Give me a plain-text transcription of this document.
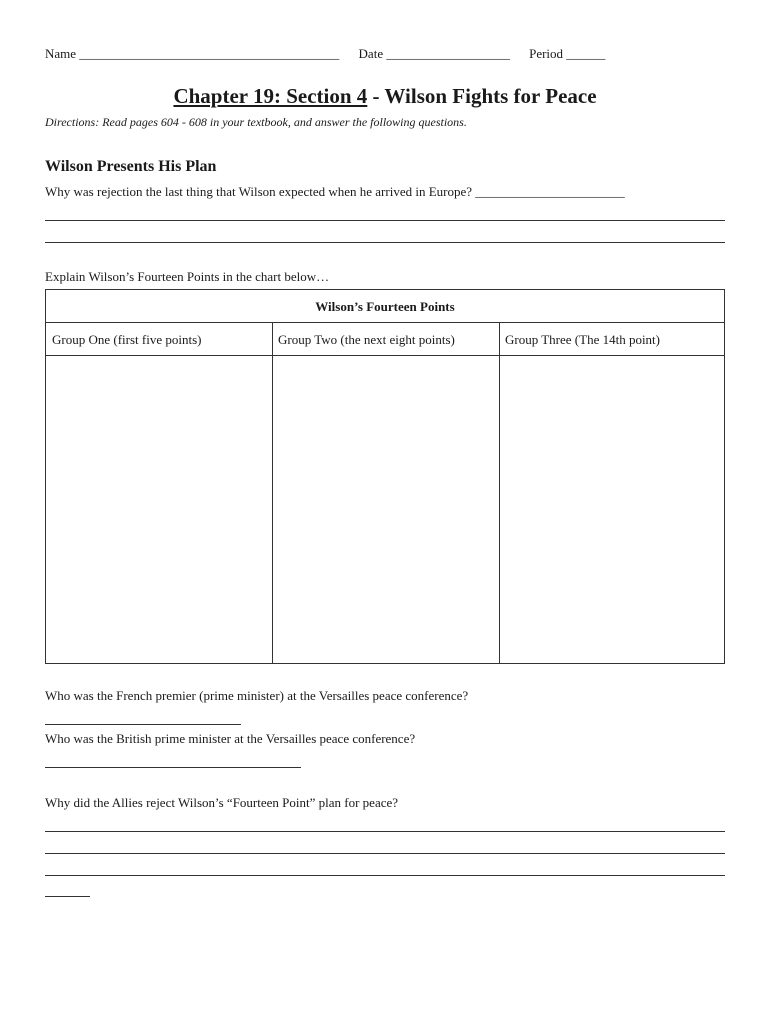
Name ________________________________________ Date ___________________ Period ______
Chapter 19: Section 4 - Wilson Fights for Peace
Directions: Read pages 604 - 608 in your textbook, and answer the following questions.
Wilson Presents His Plan
Why was rejection the last thing that Wilson expected when he arrived in Europe? _______________________
Explain Wilson’s Fourteen Points in the chart below…
Wilson’s Fourteen Points
Group One (first five points)	Group Two (the next eight points)	Group Three (The 14th point)
Who was the French premier (prime minister) at the Versailles peace conference?
Who was the British prime minister at the Versailles peace conference?
Why did the Allies reject Wilson’s “Fourteen Point” plan for peace?
